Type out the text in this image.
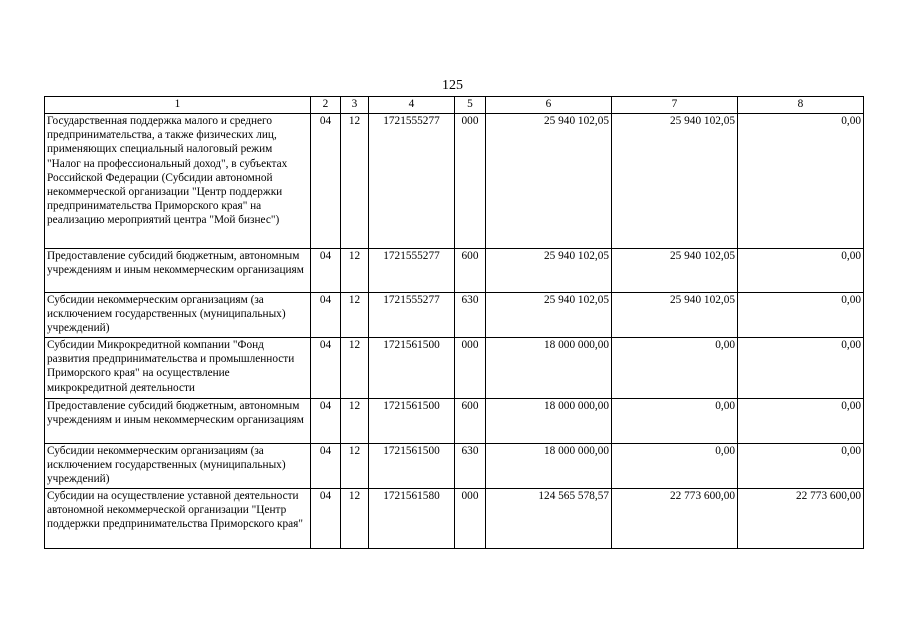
125
1	2	3	4	5	6	7	8
Государственная поддержка малого и среднего предпринимательства, а также физических лиц, применяющих специальный налоговый режим "Налог на профессиональный доход", в субъектах Российской Федерации (Субсидии автономной некоммерческой организации "Центр поддержки предпринимательства Приморского края" на реализацию мероприятий центра "Мой бизнес")	04	12	1721555277	000	25 940 102,05	25 940 102,05	0,00
Предоставление субсидий бюджетным, автономным учреждениям и иным некоммерческим организациям	04	12	1721555277	600	25 940 102,05	25 940 102,05	0,00
Субсидии некоммерческим организациям (за исключением государственных (муниципальных) учреждений)	04	12	1721555277	630	25 940 102,05	25 940 102,05	0,00
Субсидии Микрокредитной компании "Фонд развития предпринимательства и промышленности Приморского края" на осуществление микрокредитной деятельности	04	12	1721561500	000	18 000 000,00	0,00	0,00
Предоставление субсидий бюджетным, автономным учреждениям и иным некоммерческим организациям	04	12	1721561500	600	18 000 000,00	0,00	0,00
Субсидии некоммерческим организациям (за исключением государственных (муниципальных) учреждений)	04	12	1721561500	630	18 000 000,00	0,00	0,00
Субсидии на осуществление уставной деятельности автономной некоммерческой организации "Центр поддержки предпринимательства Приморского края"	04	12	1721561580	000	124 565 578,57	22 773 600,00	22 773 600,00
